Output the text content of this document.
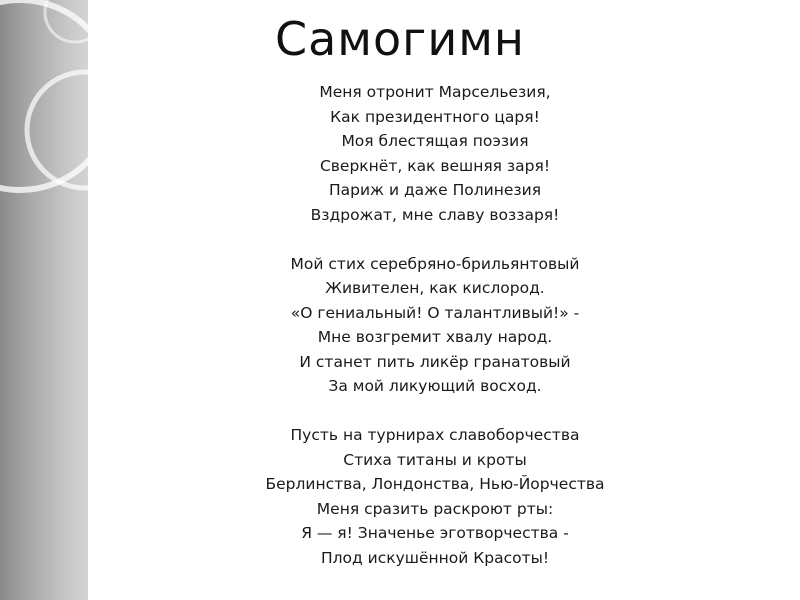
Самогимн
Меня отронит Марсельезия,
Как президентного царя!
Моя блестящая поэзия
Сверкнёт, как вешняя заря!
Париж и даже Полинезия
Вздрожат, мне славу воззаря!
Мой стих серебряно-брильянтовый
Живителен, как кислород.
«О гениальный! О талантливый!» -
Мне возгремит хвалу народ.
И станет пить ликёр гранатовый
За мой ликующий восход.
Пусть на турнирах славоборчества
Стиха титаны и кроты
Берлинства, Лондонства, Нью-Йорчества
Меня сразить раскроют рты:
Я — я! Значенье эготворчества -
Плод искушённой Красоты!
